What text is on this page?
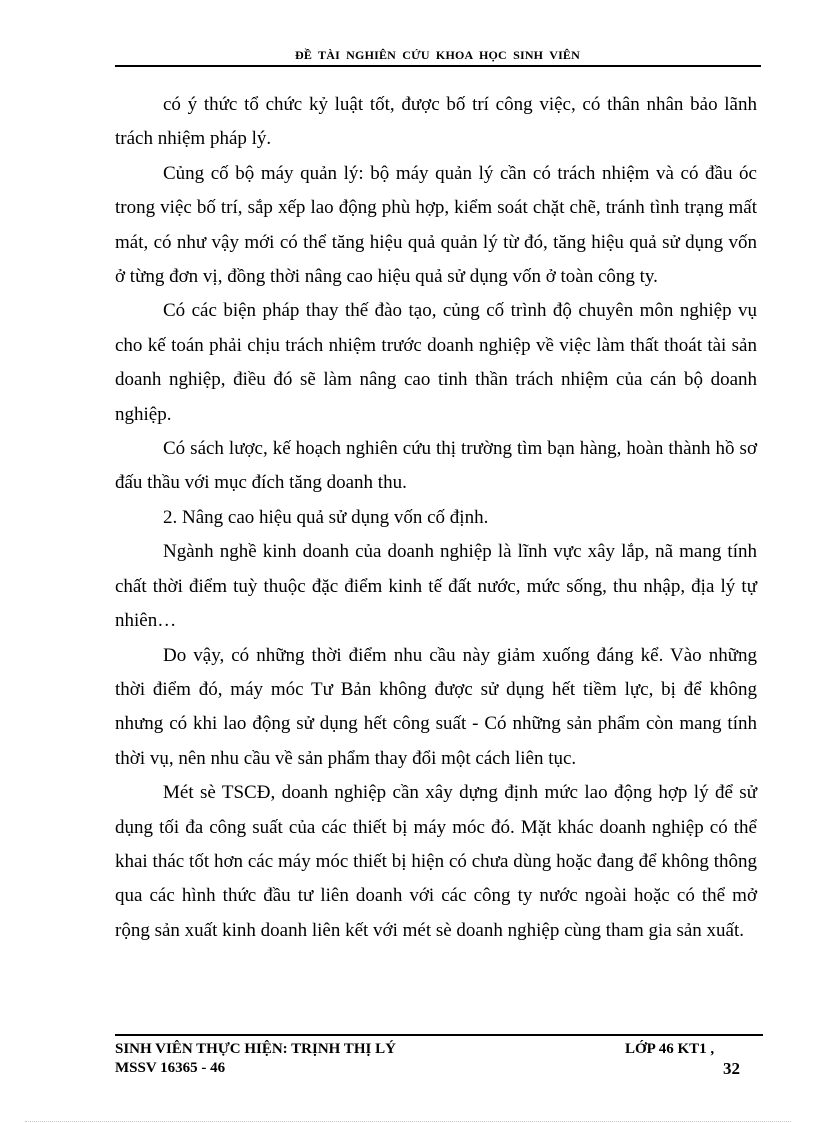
ĐỀ TÀI NGHIÊN CỨU KHOA HỌC SINH VIÊN

có ý thức tổ chức kỷ luật tốt, được bố trí công việc, có thân nhân bảo lãnh trách nhiệm pháp lý.

Củng cố bộ máy quản lý: bộ máy quản lý cần có trách nhiệm và có đầu óc trong việc bố trí, sắp xếp lao động phù hợp, kiểm soát chặt chẽ, tránh tình trạng mất mát, có như vậy mới có thể tăng hiệu quả quản lý từ đó, tăng hiệu quả sử dụng vốn ở từng đơn vị, đồng thời nâng cao hiệu quả sử dụng vốn ở toàn công ty.

Có các biện pháp thay thế đào tạo, củng cố trình độ chuyên môn nghiệp vụ cho kế toán phải chịu trách nhiệm trước doanh nghiệp về việc làm thất thoát tài sản doanh nghiệp, điều đó sẽ làm nâng cao tinh thần trách nhiệm của cán bộ doanh nghiệp.

Có sách lược, kế hoạch nghiên cứu thị trường tìm bạn hàng, hoàn thành hồ sơ đấu thầu với mục đích tăng doanh thu.

2. Nâng cao hiệu quả sử dụng vốn cố định.

Ngành nghề kinh doanh của doanh nghiệp là lĩnh vực xây lắp, nã mang tính chất thời điểm tuỳ thuộc đặc điểm kinh tế đất nước, mức sống, thu nhập, địa lý tự nhiên…

Do vậy, có những thời điểm nhu cầu này giảm xuống đáng kể. Vào những thời điểm đó, máy móc Tư Bản không được sử dụng hết tiềm lực, bị để không nhưng có khi lao động sử dụng hết công suất - Có những sản phẩm còn mang tính thời vụ, nên nhu cầu về sản phẩm thay đổi một cách liên tục.

Mét sè TSCĐ, doanh nghiệp cần xây dựng định mức lao động hợp lý để sử dụng tối đa công suất của các thiết bị máy móc đó. Mặt khác doanh nghiệp có thể khai thác tốt hơn các máy móc thiết bị hiện có chưa dùng hoặc đang để không thông qua các hình thức đầu tư liên doanh với các công ty nước ngoài hoặc có thể mở rộng sản xuất kinh doanh liên kết với mét sè doanh nghiệp cùng tham gia sản xuất.

SINH VIÊN THỰC HIỆN: TRỊNH THỊ LÝ
MSSV 16365 - 46
LỚP 46 KT1 ,
32
